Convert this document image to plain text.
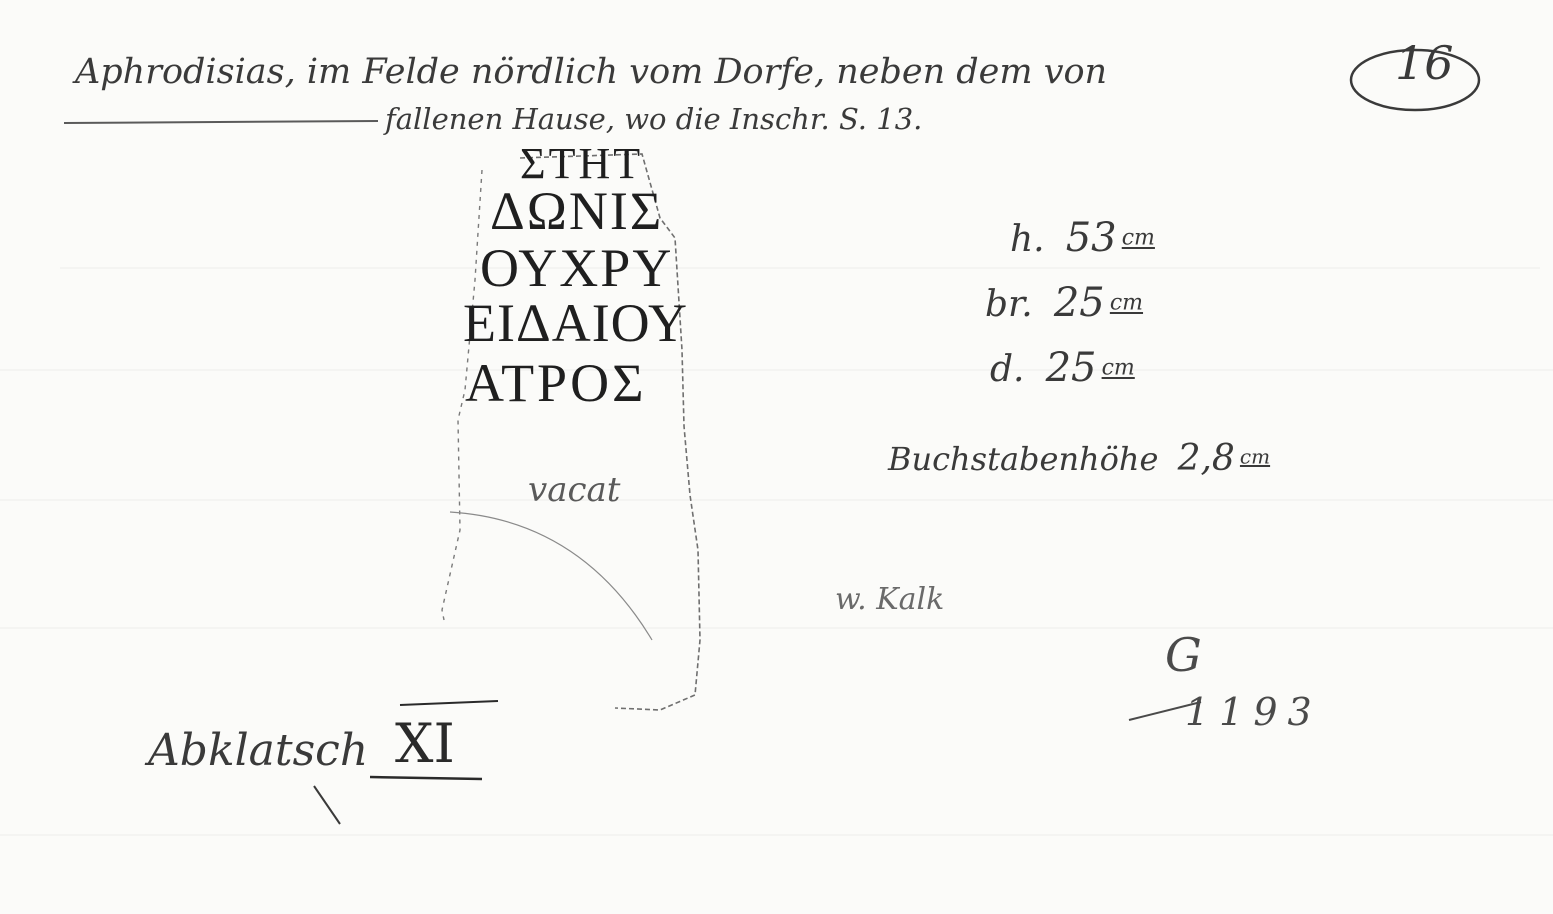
Aphrodisias, im Felde nördlich vom Dorfe, neben dem von
fallenen Hause, wo die Inschr. S. 13.
16
ΣΤΗΤ
ΔΩΝΙΣ
ΟΥΧΡΥ
ΕΙΔΑΙΟΥ
ΑΤΡΟΣ
vacat
h. 53 $^{cm}$
br. 25 $^{cm}$
d. 25 $^{cm}$
Buchstabenhöhe 2,8 $^{cm}$
w. Kalk
G
1193
Abklatsch XI
